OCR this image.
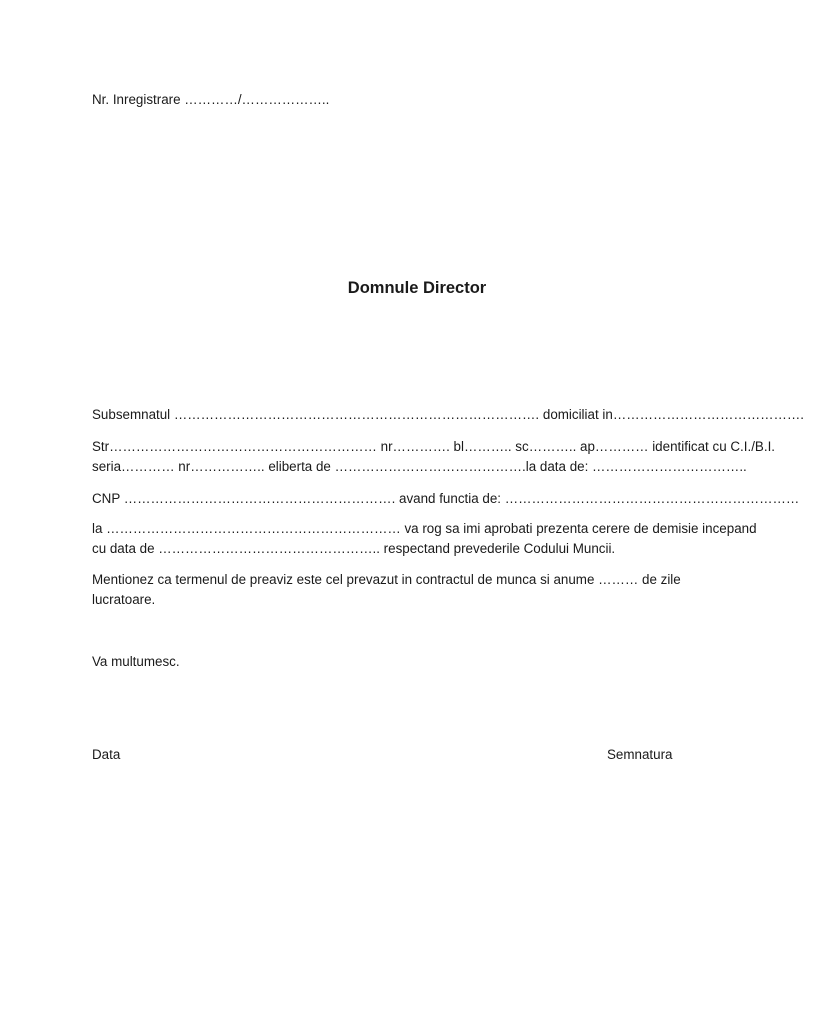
Nr. Inregistrare …………/………………..
Domnule Director
Subsemnatul ………………………………………………………………………. domiciliat in…………………………………….
Str…………………………………………………… nr…………. bl……….. sc……….. ap………… identificat cu C.I./B.I.
seria………… nr…………….. eliberta de …………………………………….la data de: ……………………………..
CNP ……………………………………………………. avand functia de: …………………………………………………………
la ………………………………………………………… va rog sa imi aprobati prezenta cerere de demisie incepand
cu data de ………………………………………….. respectand prevederile Codului Muncii.
Mentionez ca termenul de preaviz este cel prevazut in contractul de munca si anume ……… de zile
lucratoare.
Va multumesc.
Data	Semnatura
